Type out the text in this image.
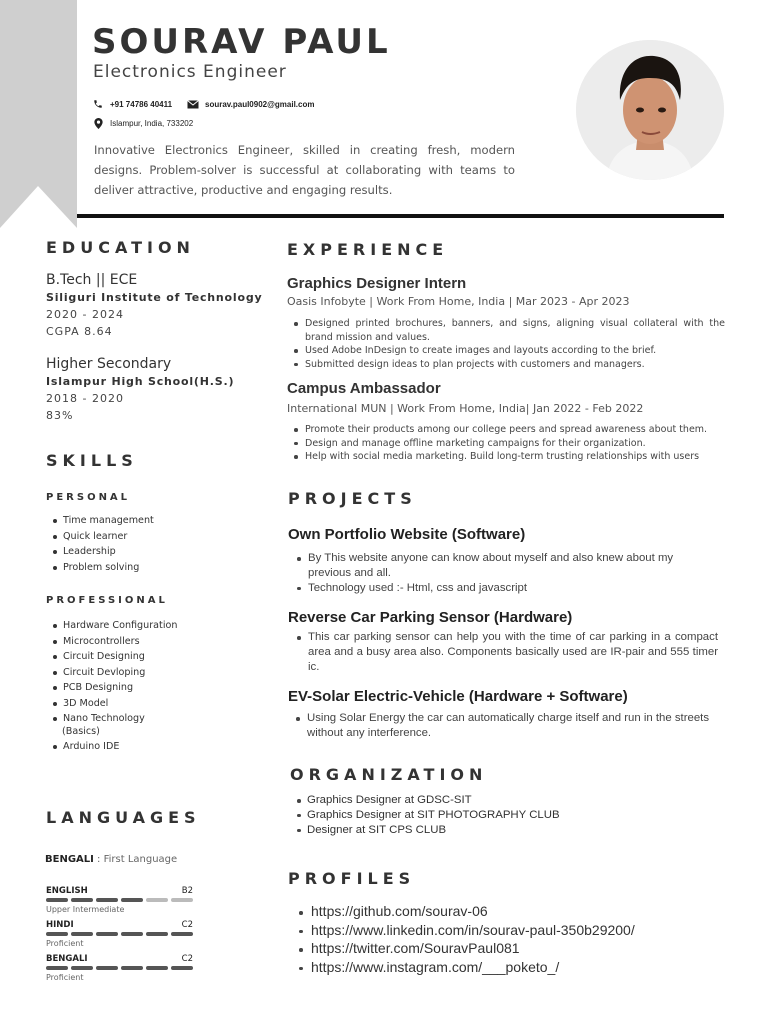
SOURAV PAUL
Electronics Engineer
+91 74786 40411	sourav.paul0902@gmail.com
Islampur, India, 733202
Innovative Electronics Engineer, skilled in creating fresh, modern designs. Problem-solver is successful at collaborating with teams to deliver attractive, productive and engaging results.
EDUCATION
B.Tech || ECE
Siliguri Institute of Technology
2020 - 2024
CGPA 8.64
Higher Secondary
Islampur High School(H.S.)
2018 - 2020
83%
SKILLS
PERSONAL
Time management
Quick learner
Leadership
Problem solving
PROFESSIONAL
Hardware Configuration
Microcontrollers
Circuit Designing
Circuit Devloping
PCB Designing
3D Model
Nano Technology
(Basics)
Arduino IDE
LANGUAGES
BENGALI : First Language
ENGLISH	B2
Upper Intermediate
HINDI	C2
Proficient
BENGALI	C2
Proficient
EXPERIENCE
Graphics Designer Intern
Oasis Infobyte | Work From Home, India | Mar 2023 - Apr 2023
Designed printed brochures, banners, and signs, aligning visual collateral with the brand mission and values.
Used Adobe InDesign to create images and layouts according to the brief.
Submitted design ideas to plan projects with customers and managers.
Campus Ambassador
International MUN | Work From Home, India| Jan 2022 - Feb 2022
Promote their products among our college peers and spread awareness about them.
Design and manage offline marketing campaigns for their organization.
Help with social media marketing. Build long-term trusting relationships with users
PROJECTS
Own Portfolio Website (Software)
By This website anyone can know about myself and also knew about my previous and all.
Technology used :- Html, css and javascript
Reverse Car Parking Sensor (Hardware)
This car parking sensor can help you with the time of car parking in a compact area and a busy area also. Components basically used are IR-pair and 555 timer ic.
EV-Solar Electric-Vehicle (Hardware + Software)
Using Solar Energy the car can automatically charge itself and run in the streets without any interference.
ORGANIZATION
Graphics Designer at GDSC-SIT
Graphics Designer at SIT PHOTOGRAPHY CLUB
Designer at SIT CPS CLUB
PROFILES
https://github.com/sourav-06
https://www.linkedin.com/in/sourav-paul-350b29200/
https://twitter.com/SouravPaul081
https://www.instagram.com/___poketo_/
